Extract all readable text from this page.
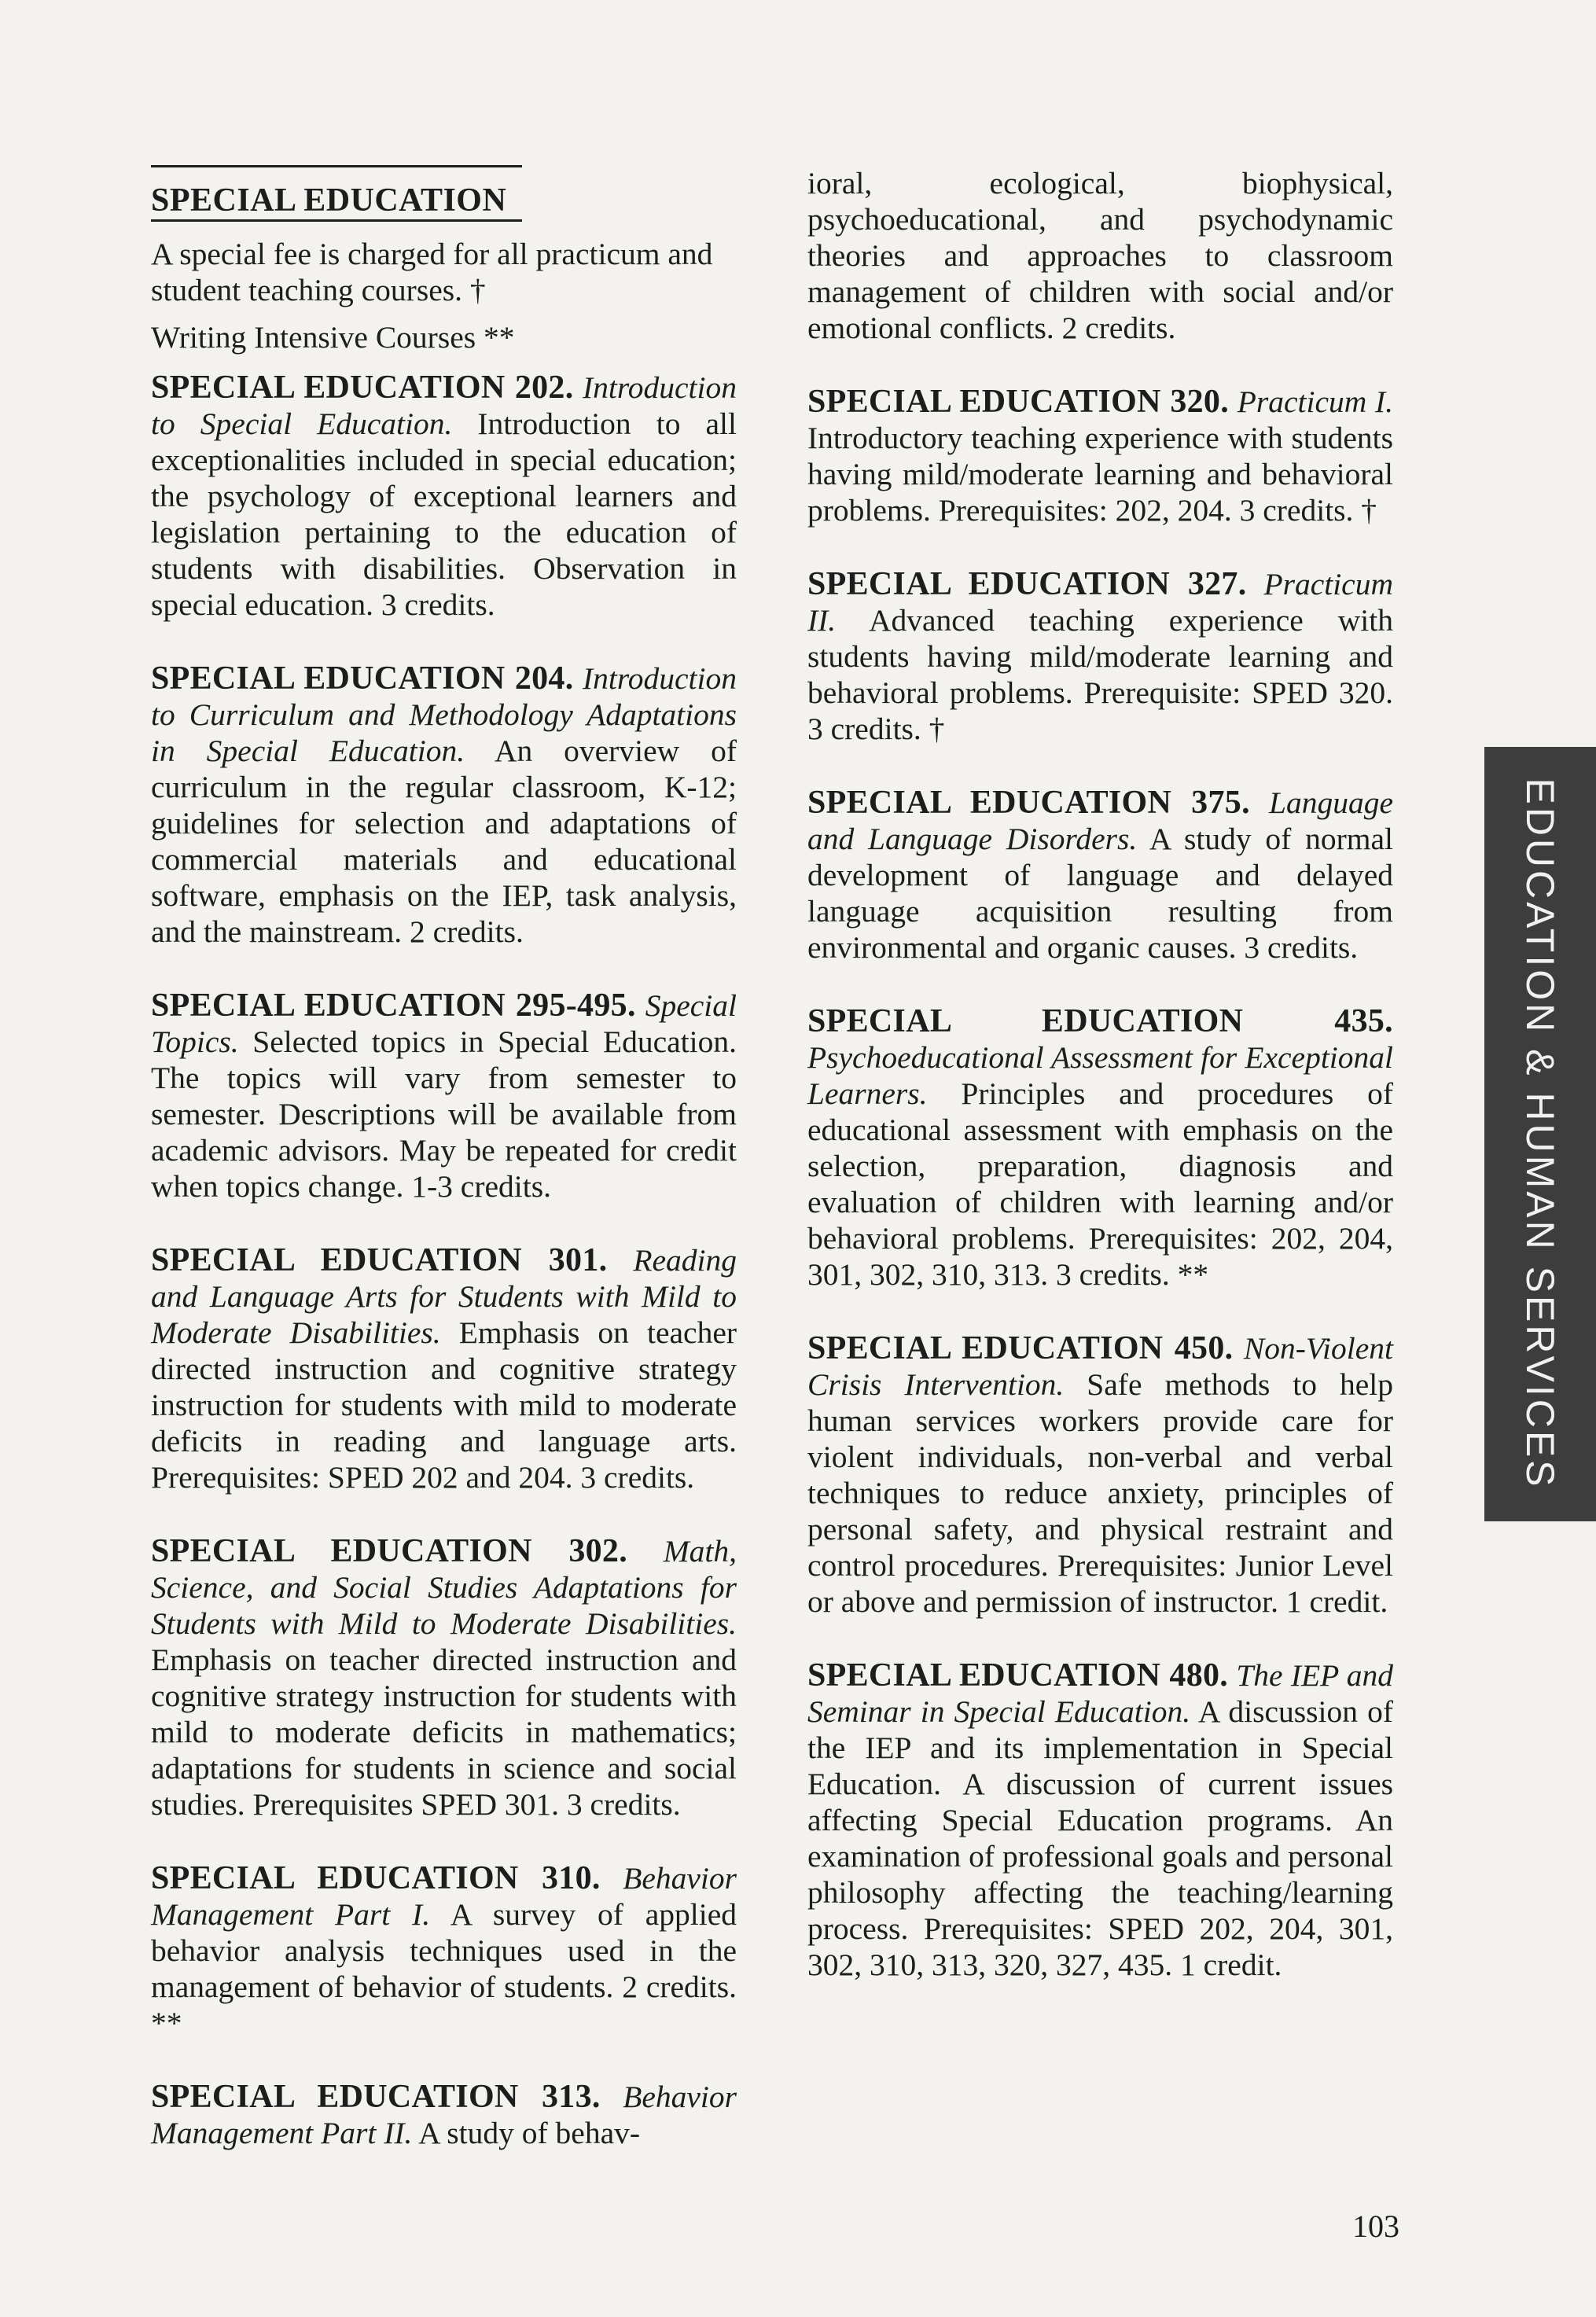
SPECIAL EDUCATION

A special fee is charged for all practicum and student teaching courses. †

Writing Intensive Courses **

SPECIAL EDUCATION 202. Introduction to Special Education. Introduction to all exceptionalities included in special education; the psychology of exceptional learners and legislation pertaining to the education of students with disabilities. Observation in special education. 3 credits.

SPECIAL EDUCATION 204. Introduction to Curriculum and Methodology Adaptations in Special Education. An overview of curriculum in the regular classroom, K-12; guidelines for selection and adaptations of commercial materials and educational software, emphasis on the IEP, task analysis, and the mainstream. 2 credits.

SPECIAL EDUCATION 295-495. Special Topics. Selected topics in Special Education. The topics will vary from semester to semester. Descriptions will be available from academic advisors. May be repeated for credit when topics change. 1-3 credits.

SPECIAL EDUCATION 301. Reading and Language Arts for Students with Mild to Moderate Disabilities. Emphasis on teacher directed instruction and cognitive strategy instruction for students with mild to moderate deficits in reading and language arts. Prerequisites: SPED 202 and 204. 3 credits.

SPECIAL EDUCATION 302. Math, Science, and Social Studies Adaptations for Students with Mild to Moderate Disabilities. Emphasis on teacher directed instruction and cognitive strategy instruction for students with mild to moderate deficits in mathematics; adaptations for students in science and social studies. Prerequisites SPED 301. 3 credits.

SPECIAL EDUCATION 310. Behavior Management Part I. A survey of applied behavior analysis techniques used in the management of behavior of students. 2 credits. **

SPECIAL EDUCATION 313. Behavior Management Part II. A study of behav-

ioral, ecological, biophysical, psychoeducational, and psychodynamic theories and approaches to classroom management of children with social and/or emotional conflicts. 2 credits.

SPECIAL EDUCATION 320. Practicum I. Introductory teaching experience with students having mild/moderate learning and behavioral problems. Prerequisites: 202, 204. 3 credits. †

SPECIAL EDUCATION 327. Practicum II. Advanced teaching experience with students having mild/moderate learning and behavioral problems. Prerequisite: SPED 320. 3 credits. †

SPECIAL EDUCATION 375. Language and Language Disorders. A study of normal development of language and delayed language acquisition resulting from environmental and organic causes. 3 credits.

SPECIAL EDUCATION 435. Psychoeducational Assessment for Exceptional Learners. Principles and procedures of educational assessment with emphasis on the selection, preparation, diagnosis and evaluation of children with learning and/or behavioral problems. Prerequisites: 202, 204, 301, 302, 310, 313. 3 credits. **

SPECIAL EDUCATION 450. Non-Violent Crisis Intervention. Safe methods to help human services workers provide care for violent individuals, non-verbal and verbal techniques to reduce anxiety, principles of personal safety, and physical restraint and control procedures. Prerequisites: Junior Level or above and permission of instructor. 1 credit.

SPECIAL EDUCATION 480. The IEP and Seminar in Special Education. A discussion of the IEP and its implementation in Special Education. A discussion of current issues affecting Special Education programs. An examination of professional goals and personal philosophy affecting the teaching/learning process. Prerequisites: SPED 202, 204, 301, 302, 310, 313, 320, 327, 435. 1 credit.

EDUCATION & HUMAN SERVICES
103
